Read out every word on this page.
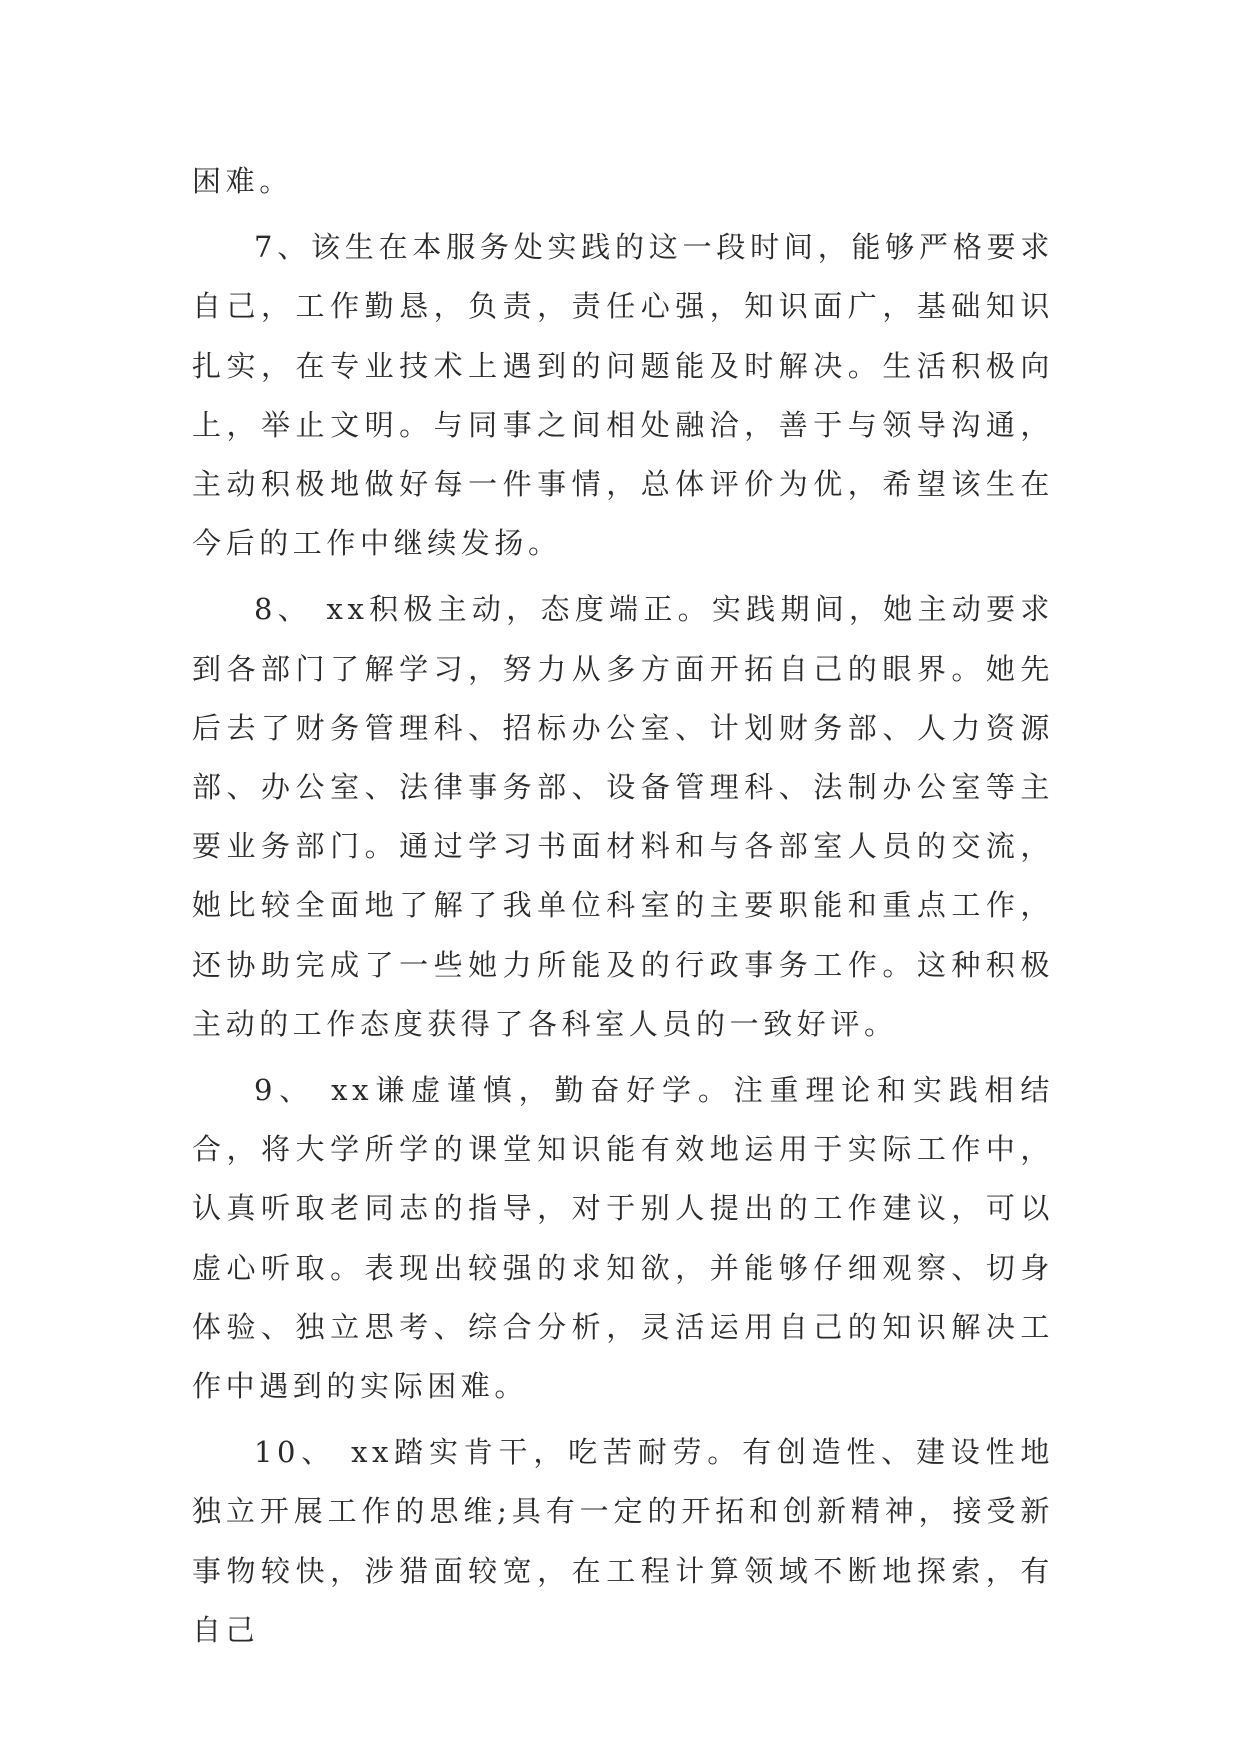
困难。

7、该生在本服务处实践的这一段时间，能够严格要求自己，工作勤恳，负责，责任心强，知识面广，基础知识扎实，在专业技术上遇到的问题能及时解决。生活积极向上，举止文明。与同事之间相处融洽，善于与领导沟通，主动积极地做好每一件事情，总体评价为优，希望该生在今后的工作中继续发扬。

8、 xx积极主动，态度端正。实践期间，她主动要求到各部门了解学习，努力从多方面开拓自己的眼界。她先后去了财务管理科、招标办公室、计划财务部、人力资源部、办公室、法律事务部、设备管理科、法制办公室等主要业务部门。通过学习书面材料和与各部室人员的交流，她比较全面地了解了我单位科室的主要职能和重点工作，还协助完成了一些她力所能及的行政事务工作。这种积极主动的工作态度获得了各科室人员的一致好评。

9、 xx谦虚谨慎，勤奋好学。注重理论和实践相结合，将大学所学的课堂知识能有效地运用于实际工作中，认真听取老同志的指导，对于别人提出的工作建议，可以虚心听取。表现出较强的求知欲，并能够仔细观察、切身体验、独立思考、综合分析，灵活运用自己的知识解决工作中遇到的实际困难。

10、 xx踏实肯干，吃苦耐劳。有创造性、建设性地独立开展工作的思维;具有一定的开拓和创新精神，接受新事物较快，涉猎面较宽，在工程计算领域不断地探索，有自己
